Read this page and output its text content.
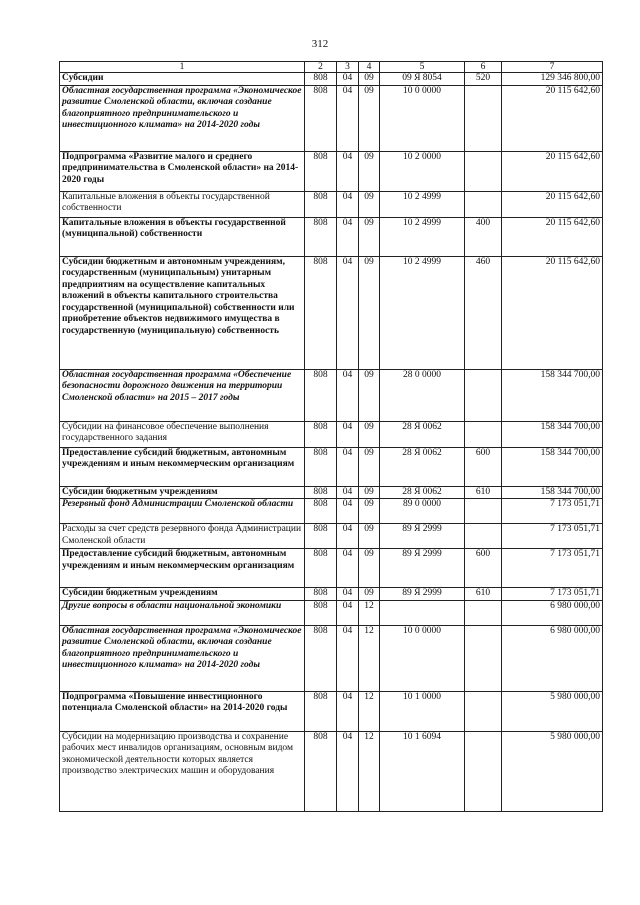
312
1	2	3	4	5	6	7
Субсидии	808	04	09	09 Я 8054	520	129 346 800,00
Областная государственная программа «Экономическое развитие Смоленской области, включая создание благоприятного предпринимательского и инвестиционного климата» на 2014-2020 годы	808	04	09	10 0 0000		20 115 642,60
Подпрограмма «Развитие малого и среднего предпринимательства в Смоленской области» на 2014-2020 годы	808	04	09	10 2 0000		20 115 642,60
Капитальные вложения в объекты государственной собственности	808	04	09	10 2 4999		20 115 642,60
Капитальные вложения в объекты государственной (муниципальной) собственности	808	04	09	10 2 4999	400	20 115 642,60
Субсидии бюджетным и автономным учреждениям, государственным (муниципальным) унитарным предприятиям на осуществление капитальных вложений в объекты капитального строительства государственной (муниципальной) собственности или приобретение объектов недвижимого имущества в государственную (муниципальную) собственность	808	04	09	10 2 4999	460	20 115 642,60
Областная государственная программа «Обеспечение безопасности дорожного движения на территории Смоленской области» на 2015 – 2017 годы	808	04	09	28 0 0000		158 344 700,00
Субсидии на финансовое обеспечение выполнения государственного задания	808	04	09	28 Я 0062		158 344 700,00
Предоставление субсидий бюджетным, автономным учреждениям и иным некоммерческим организациям	808	04	09	28 Я 0062	600	158 344 700,00
Субсидии бюджетным учреждениям	808	04	09	28 Я 0062	610	158 344 700,00
Резервный фонд Администрации Смоленской области	808	04	09	89 0 0000		7 173 051,71
Расходы за счет средств резервного фонда Администрации Смоленской области	808	04	09	89 Я 2999		7 173 051,71
Предоставление субсидий бюджетным, автономным учреждениям и иным некоммерческим организациям	808	04	09	89 Я 2999	600	7 173 051,71
Субсидии бюджетным учреждениям	808	04	09	89 Я 2999	610	7 173 051,71
Другие вопросы в области национальной экономики	808	04	12			6 980 000,00
Областная государственная программа «Экономическое развитие Смоленской области, включая создание благоприятного предпринимательского и инвестиционного климата» на 2014-2020 годы	808	04	12	10 0 0000		6 980 000,00
Подпрограмма «Повышение инвестиционного потенциала Смоленской области» на 2014-2020 годы	808	04	12	10 1 0000		5 980 000,00
Субсидии на модернизацию производства и сохранение рабочих мест инвалидов организациям, основным видом экономической деятельности которых является производство электрических машин и оборудования	808	04	12	10 1 6094		5 980 000,00
